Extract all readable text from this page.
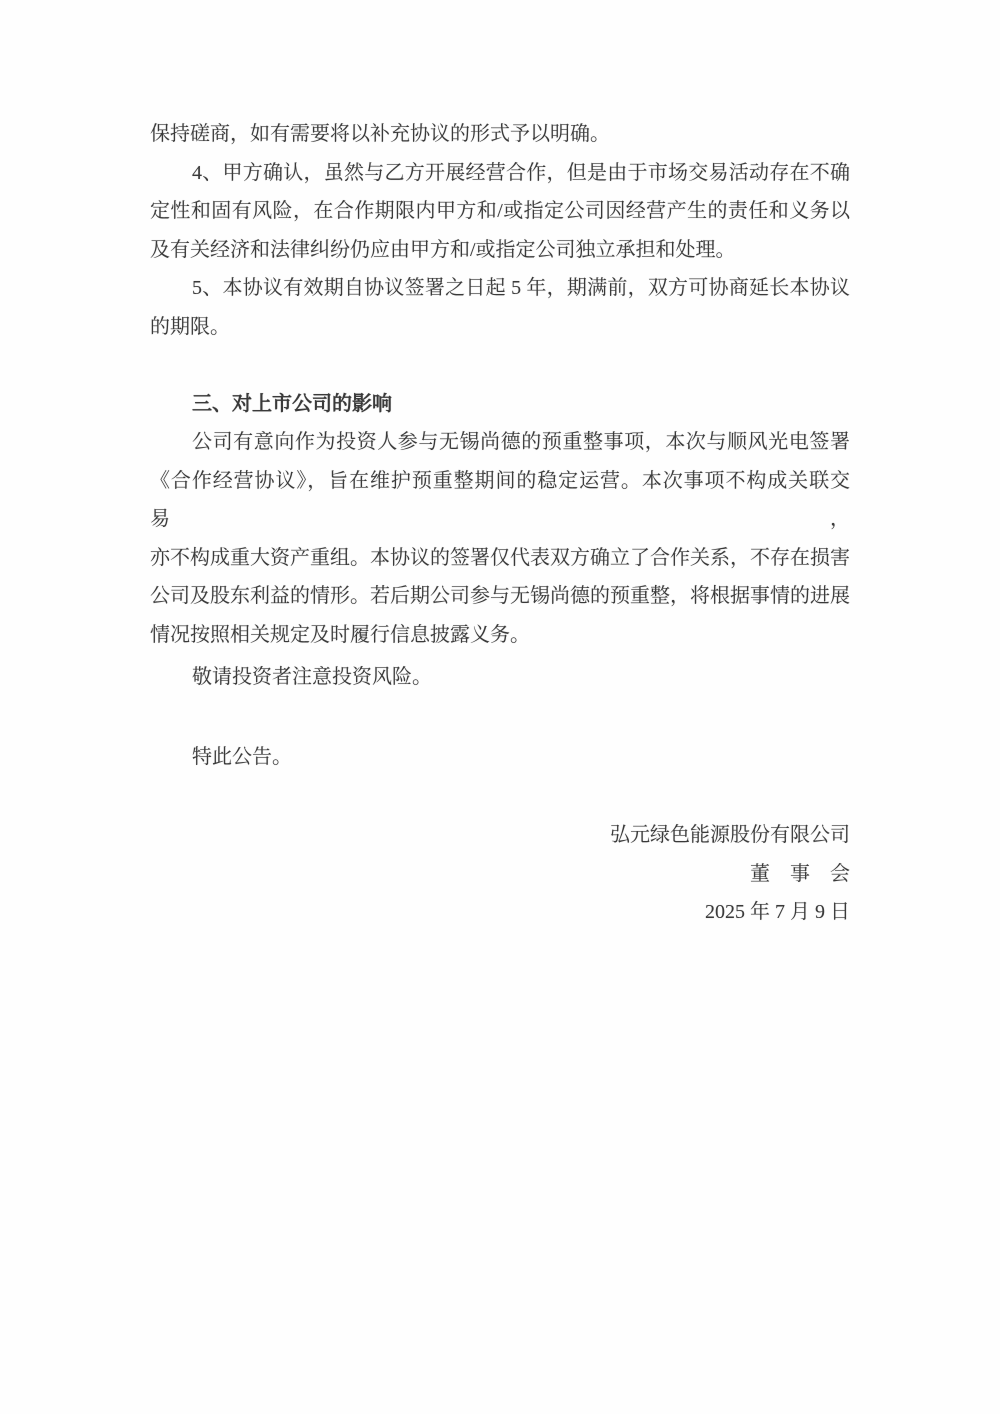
保持磋商，如有需要将以补充协议的形式予以明确。
4、甲方确认，虽然与乙方开展经营合作，但是由于市场交易活动存在不确
定性和固有风险，在合作期限内甲方和/或指定公司因经营产生的责任和义务以
及有关经济和法律纠纷仍应由甲方和/或指定公司独立承担和处理。
5、本协议有效期自协议签署之日起 5 年，期满前，双方可协商延长本协议
的期限。
三、对上市公司的影响
公司有意向作为投资人参与无锡尚德的预重整事项，本次与顺风光电签署
《合作经营协议》，旨在维护预重整期间的稳定运营。本次事项不构成关联交易，
亦不构成重大资产重组。本协议的签署仅代表双方确立了合作关系，不存在损害
公司及股东利益的情形。若后期公司参与无锡尚德的预重整，将根据事情的进展
情况按照相关规定及时履行信息披露义务。
敬请投资者注意投资风险。
特此公告。
弘元绿色能源股份有限公司
董　事　会
2025 年 7 月 9 日
